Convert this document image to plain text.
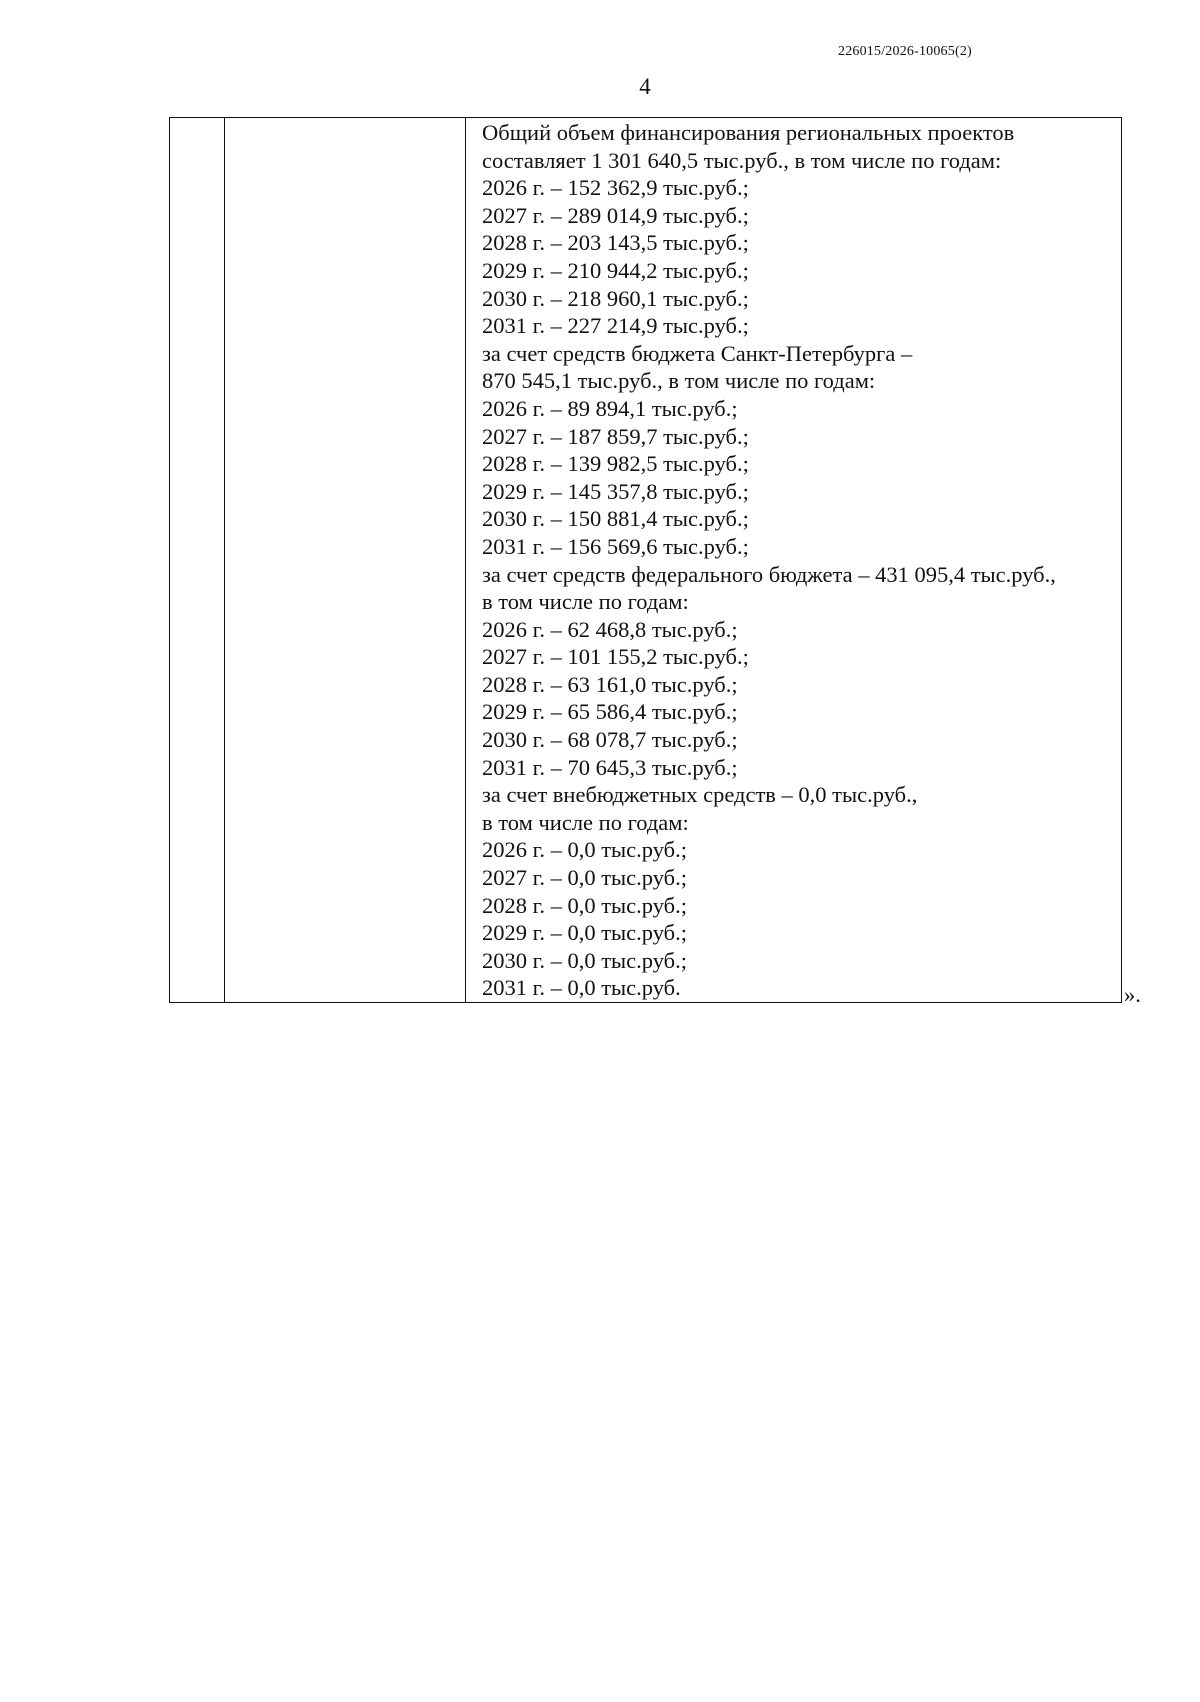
226015/2026-10065(2)
4

Общий объем финансирования региональных проектов
составляет 1 301 640,5 тыс.руб., в том числе по годам:
2026 г. – 152 362,9 тыс.руб.;
2027 г. – 289 014,9 тыс.руб.;
2028 г. – 203 143,5 тыс.руб.;
2029 г. – 210 944,2 тыс.руб.;
2030 г. – 218 960,1 тыс.руб.;
2031 г. – 227 214,9 тыс.руб.;
за счет средств бюджета Санкт-Петербурга –
870 545,1 тыс.руб., в том числе по годам:
2026 г. – 89 894,1 тыс.руб.;
2027 г. – 187 859,7 тыс.руб.;
2028 г. – 139 982,5 тыс.руб.;
2029 г. – 145 357,8 тыс.руб.;
2030 г. – 150 881,4 тыс.руб.;
2031 г. – 156 569,6 тыс.руб.;
за счет средств федерального бюджета – 431 095,4 тыс.руб.,
в том числе по годам:
2026 г. – 62 468,8 тыс.руб.;
2027 г. – 101 155,2 тыс.руб.;
2028 г. – 63 161,0 тыс.руб.;
2029 г. – 65 586,4 тыс.руб.;
2030 г. – 68 078,7 тыс.руб.;
2031 г. – 70 645,3 тыс.руб.;
за счет внебюджетных средств – 0,0 тыс.руб.,
в том числе по годам:
2026 г. – 0,0 тыс.руб.;
2027 г. – 0,0 тыс.руб.;
2028 г. – 0,0 тыс.руб.;
2029 г. – 0,0 тыс.руб.;
2030 г. – 0,0 тыс.руб.;
2031 г. – 0,0 тыс.руб.	».
